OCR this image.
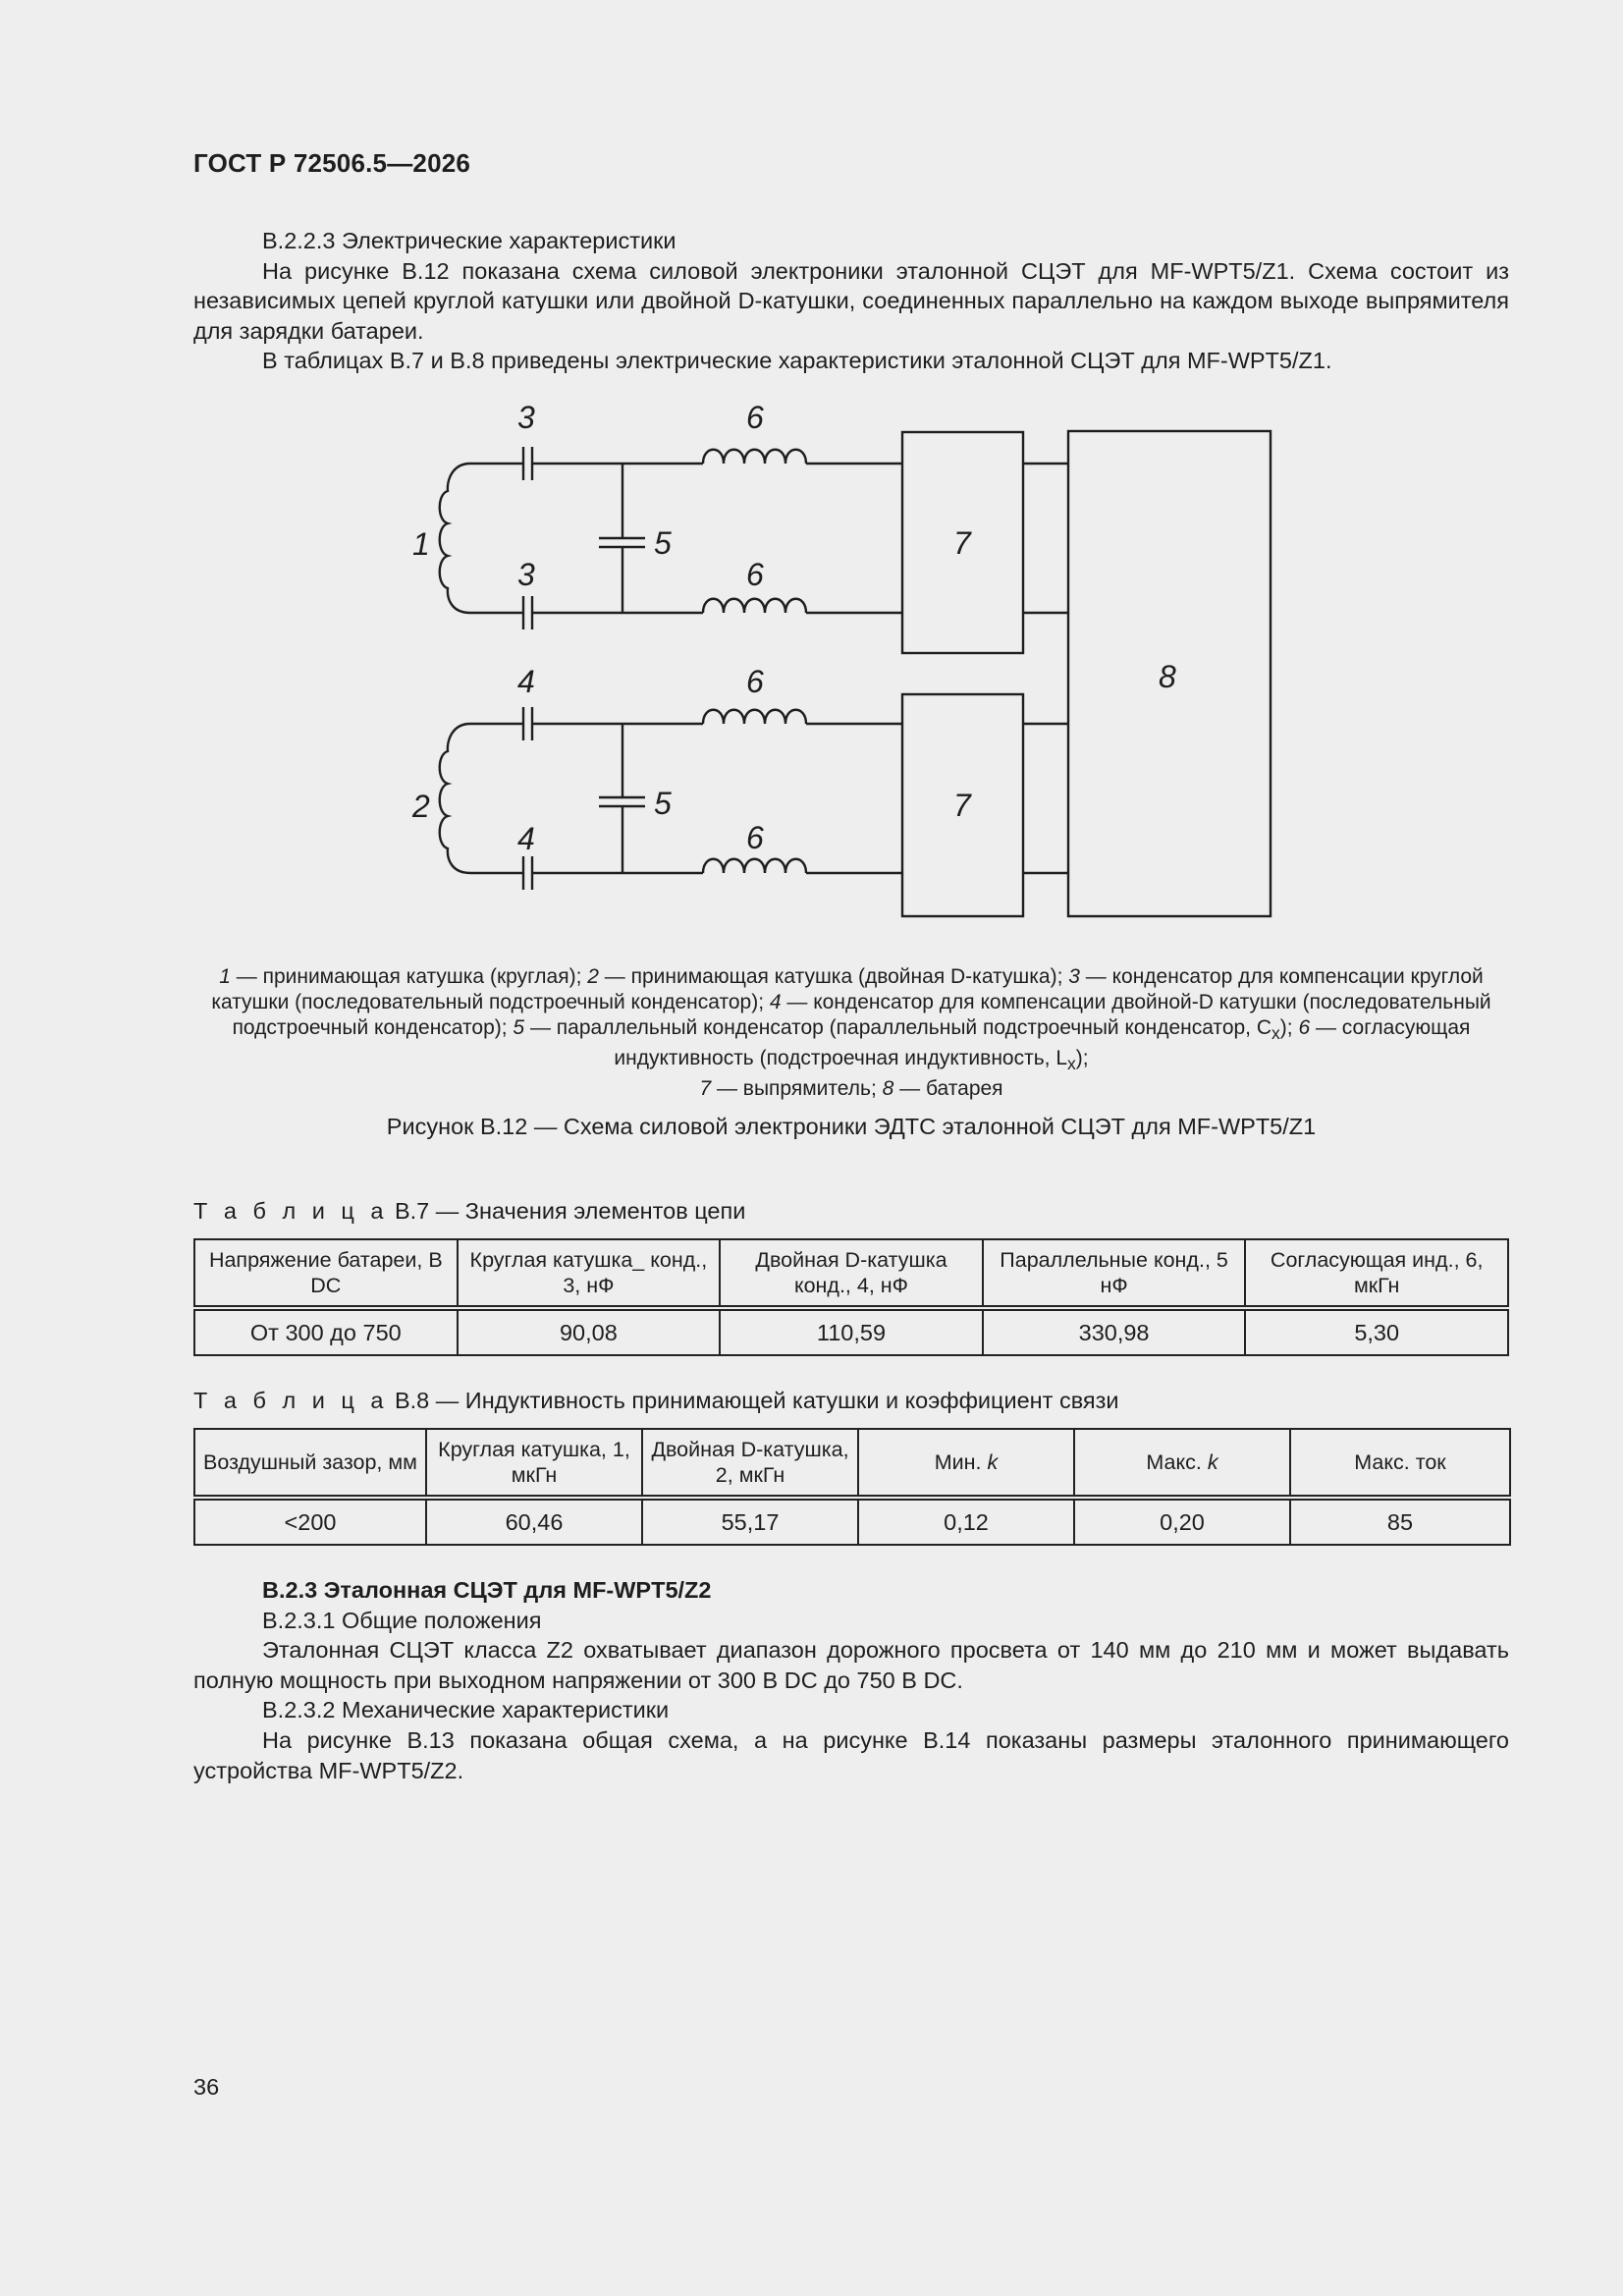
ГОСТ Р 72506.5—2026

В.2.2.3 Электрические характеристики

На рисунке В.12 показана схема силовой электроники эталонной СЦЭТ для MF-WPT5/Z1. Схема состоит из независимых цепей круглой катушки или двойной D-катушки, соединенных параллельно на каждом выходе выпрямителя для зарядки батареи.

В таблицах В.7 и В.8 приведены электрические характеристики эталонной СЦЭТ для MF-WPT5/Z1.

1
2
3
3
4
4
5
5
6
6
6
6
7
7
8
1 — принимающая катушка (круглая); 2 — принимающая катушка (двойная D-катушка); 3 — конденсатор для компенсации круглой катушки (последовательный подстроечный конденсатор); 4 — конденсатор для компенсации двойной-D катушки (последовательный подстроечный конденсатор); 5 — параллельный конденсатор (параллельный подстроечный конденсатор, $C_x$); 6 — согласующая индуктивность (подстроечная индуктивность, $L_x$);
7 — выпрямитель; 8 — батарея
Рисунок В.12 — Схема силовой электроники ЭДТС эталонной СЦЭТ для MF-WPT5/Z1
Т а б л и ц а В.7 — Значения элементов цепи
Напряжение батареи, В DC	Круглая катушка_ конд., 3, нФ	Двойная D-катушка конд., 4, нФ	Параллельные конд., 5 нФ	Согласующая инд., 6, мкГн
От 300 до 750	90,08	110,59	330,98	5,30
Т а б л и ц а В.8 — Индуктивность принимающей катушки и коэффициент связи
Воздушный зазор, мм	Круглая катушка, 1, мкГн	Двойная D-катушка, 2, мкГн	Мин. k	Макс. k	Макс. ток
<200	60,46	55,17	0,12	0,20	85

В.2.3 Эталонная СЦЭТ для MF-WPT5/Z2

В.2.3.1 Общие положения

Эталонная СЦЭТ класса Z2 охватывает диапазон дорожного просвета от 140 мм до 210 мм и может выдавать полную мощность при выходном напряжении от 300 В DC до 750 В DC.

В.2.3.2 Механические характеристики

На рисунке В.13 показана общая схема, а на рисунке В.14 показаны размеры эталонного принимающего устройства MF-WPT5/Z2.

36
